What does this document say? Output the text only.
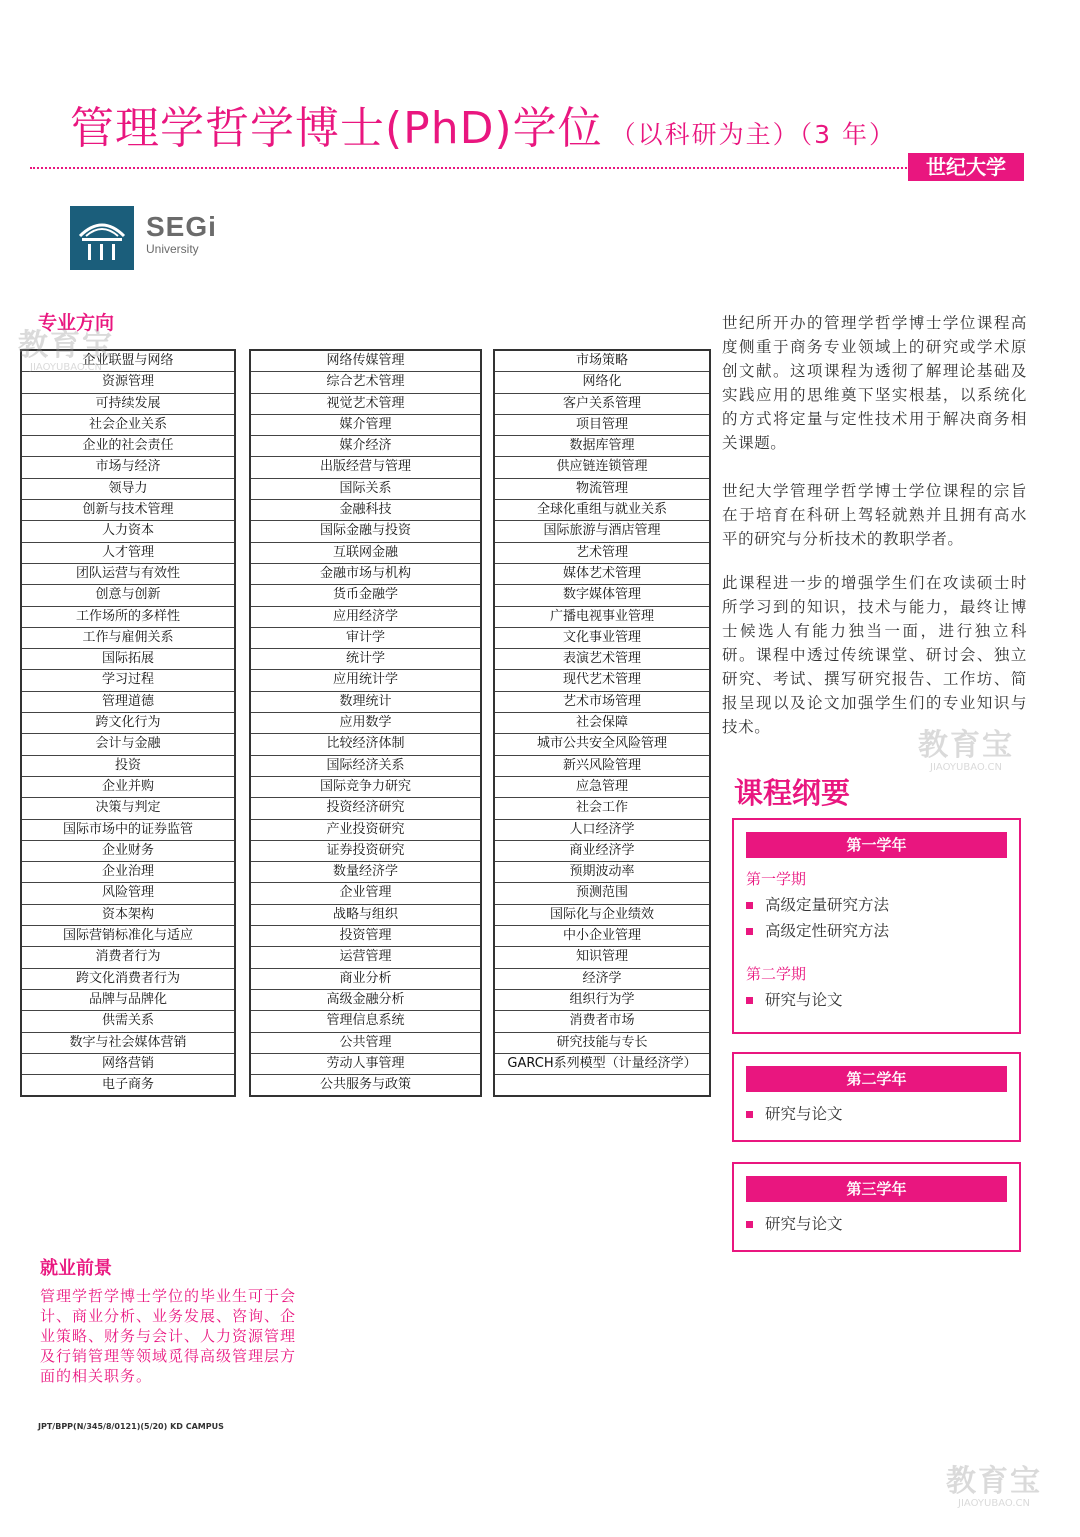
管理学哲学博士(PhD)学位 （以科研为主）（3 年）
世纪大学
SEGi
University
专业方向
企业联盟与网络
资源管理
可持续发展
社会企业关系
企业的社会责任
市场与经济
领导力
创新与技术管理
人力资本
人才管理
团队运营与有效性
创意与创新
工作场所的多样性
工作与雇佣关系
国际拓展
学习过程
管理道德
跨文化行为
会计与金融
投资
企业并购
决策与判定
国际市场中的证券监管
企业财务
企业治理
风险管理
资本架构
国际营销标准化与适应
消费者行为
跨文化消费者行为
品牌与品牌化
供需关系
数字与社会媒体营销
网络营销
电子商务
网络传媒管理
综合艺术管理
视觉艺术管理
媒介管理
媒介经济
出版经营与管理
国际关系
金融科技
国际金融与投资
互联网金融
金融市场与机构
货币金融学
应用经济学
审计学
统计学
应用统计学
数理统计
应用数学
比较经济体制
国际经济关系
国际竞争力研究
投资经济研究
产业投资研究
证券投资研究
数量经济学
企业管理
战略与组织
投资管理
运营管理
商业分析
高级金融分析
管理信息系统
公共管理
劳动人事管理
公共服务与政策
市场策略
网络化
客户关系管理
项目管理
数据库管理
供应链连锁管理
物流管理
全球化重组与就业关系
国际旅游与酒店管理
艺术管理
媒体艺术管理
数字媒体管理
广播电视事业管理
文化事业管理
表演艺术管理
现代艺术管理
艺术市场管理
社会保障
城市公共安全风险管理
新兴风险管理
应急管理
社会工作
人口经济学
商业经济学
预期波动率
预测范围
国际化与企业绩效
中小企业管理
知识管理
经济学
组织行为学
消费者市场
研究技能与专长
GARCH系列模型（计量经济学）
世纪所开办的管理学哲学博士学位课程高度侧重于商务专业领域上的研究或学术原创文献。这项课程为透彻了解理论基础及实践应用的思维奠下坚实根基，以系统化的方式将定量与定性技术用于解决商务相关课题。
世纪大学管理学哲学博士学位课程的宗旨在于培育在科研上驾轻就熟并且拥有高水平的研究与分析技术的教职学者。
此课程进一步的增强学生们在攻读硕士时所学习到的知识，技术与能力，最终让博士候选人有能力独当一面，进行独立科研。课程中透过传统课堂、研讨会、独立研究、考试、撰写研究报告、工作坊、简报呈现以及论文加强学生们的专业知识与技术。
课程纲要
第一学年
第一学期
高级定量研究方法
高级定性研究方法
第二学期
研究与论文
第二学年
研究与论文
第三学年
研究与论文
就业前景
管理学哲学博士学位的毕业生可于会计、商业分析、业务发展、咨询、企业策略、财务与会计、人力资源管理及行销管理等领域觅得高级管理层方面的相关职务。
JPT/BPP(N/345/8/0121)(5/20) KD CAMPUS
教育宝
JIAOYUBAO.CN
教育宝
JIAOYUBAO.CN
教育宝
JIAOYUBAO.CN
